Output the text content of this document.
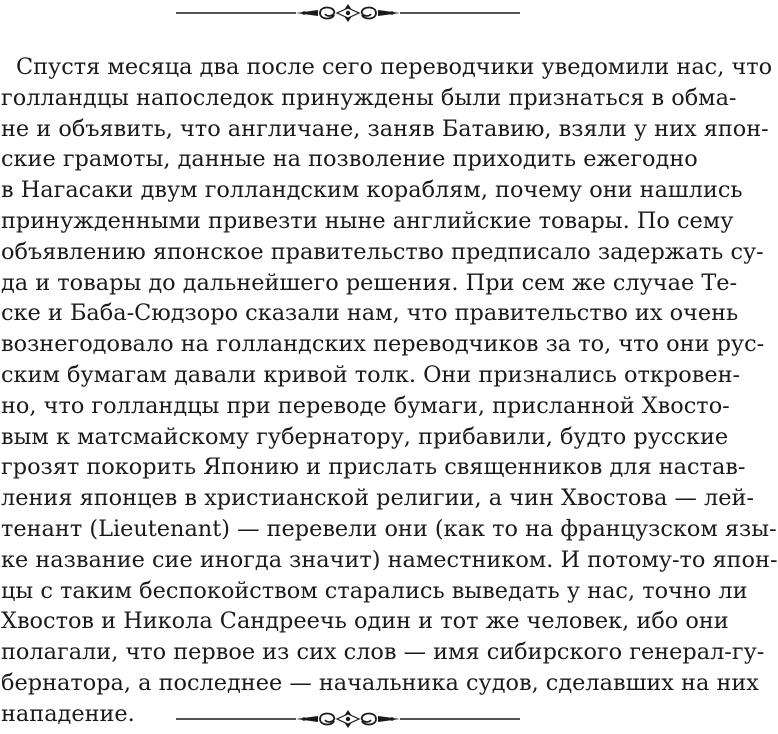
Спустя месяца два после сего переводчики уведомили нас, что
голландцы напоследок принуждены были признаться в обма-
не и объявить, что англичане, заняв Батавию, взяли у них япон-
ские грамоты, данные на позволение приходить ежегодно
в Нагасаки двум голландским кораблям, почему они нашлись
принужденными привезти ныне английские товары. По сему
объявлению японское правительство предписало задержать су-
да и товары до дальнейшего решения. При сем же случае Те-
ске и Баба-Сюдзоро сказали нам, что правительство их очень
вознегодовало на голландских переводчиков за то, что они рус-
ским бумагам давали кривой толк. Они признались откровен-
но, что голландцы при переводе бумаги, присланной Хвосто-
вым к матсмайскому губернатору, прибавили, будто русские
грозят покорить Японию и прислать священников для настав-
ления японцев в христианской религии, а чин Хвостова — лей-
тенант (Lieutenant) — перевели они (как то на французском язы-
ке название сие иногда значит) наместником. И потому-то япон-
цы с таким беспокойством старались выведать у нас, точно ли
Хвостов и Никола Сандреечь один и тот же человек, ибо они
полагали, что первое из сих слов — имя сибирского генерал-гу-
бернатора, а последнее — начальника судов, сделавших на них
нападение.
